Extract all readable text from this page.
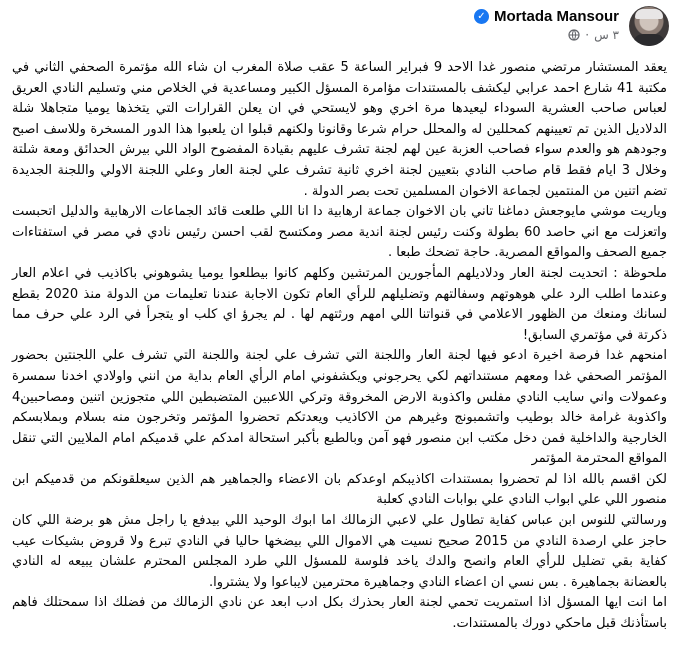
Mortada Mansour
✓
٣ س
·

يعقد المستشار مرتضي منصور غدا الاحد 9 فبراير الساعة 5 عقب صلاة المغرب ان شاء الله مؤتمرة الصحفي الثاني في مكتبة 41 شارع احمد عرابي ليكشف بالمستندات مؤامرة المسؤل الكبير ومساعدية في الخلاص مني وتسليم النادي العريق لعباس صاحب العشرية السوداء ليعيدها مرة اخري وهو لايستحي في ان يعلن القرارات التي يتخذها يوميا متجاهلا شلة الدلاديل الذين تم تعيينهم كمحللين له والمحلل حرام شرعا وقانونا ولكنهم قبلوا ان يلعبوا هذا الدور المسخرة وللاسف اصبح وجودهم هو والعدم سواء فصاحب العزبة عين لهم لجنة تشرف عليهم بقيادة المفضوح الواد اللي بيرش الحدائق ومعة شلتة وخلال 3 ايام فقط قام صاحب النادي بتعيين لجنة اخري ثانية تشرف علي لجنة العار وعلي اللجنة الاولي واللجنة الجديدة تضم اتنين من المنتمين لجماعة الاخوان المسلمين تحت بصر الدولة .

وياريت موشي مايوجعش دماغنا تاني بان الاخوان جماعة ارهابية دا انا اللي طلعت قائد الجماعات الارهابية والدليل اتحبست واتعزلت مع اني حاصد 60 بطولة وكنت رئيس لجنة اندية مصر ومكتسح لقب احسن رئيس نادي في مصر في استفتاءات جميع الصحف والمواقع المصرية. حاجة تضحك طبعا .

ملحوظة : اتحديت لجنة العار ودلاديلهم المأجورين المرتشين وكلهم كانوا بيطلعوا يوميا يشوهوني باكاذيب في اعلام العار وعندما اطلب الرد علي هوهوتهم وسفالتهم وتضليلهم للرأي العام تكون الاجابة عندنا تعليمات من الدولة منذ 2020 بقطع لسانك ومنعك من الظهور الاعلامي في قنواتنا اللي امهم ورثتهم لها . لم يجرؤ اي كلب او يتجرأ في الرد علي حرف مما ذكرتة في مؤتمري السابق!

امنحهم غدا فرصة اخيرة ادعو فيها لجنة العار واللجنة التي تشرف علي لجنة واللجنة التي تشرف علي اللجنتين بحضور المؤتمر الصحفي غدا ومعهم مستنداتهم لكي يحرجوني ويكشفوني امام الرأي العام بداية من انني واولادي اخدنا سمسرة وعمولات واني سايب النادي مفلس واكذوبة الارض المخروقة وتركي اللاعبين المتضبطين اللي متجوزين اتنين ومصاحبين4 واكذوبة غرامة خالد بوطيب واتشمبونج وغيرهم من الاكاذيب ويعدتكم تحضروا المؤتمر وتخرجون منه بسلام وبملابسكم الخارجية والداخلية فمن دخل مكتب ابن منصور فهو آمن وبالطبع بأكبر استحالة امدكم علي قدميكم امام الملايين التي تنقل المواقع المحترمة المؤتمر

لكن اقسم بالله اذا لم تحضروا بمستندات اكاذيبكم اوعدكم بان الاعضاء والجماهير هم الذين سيعلقونكم من قدميكم ابن منصور اللي علي ابواب النادي علي بوابات النادي كعلبة

ورسالتي للنوس ابن عباس كفاية تطاول علي لاعبي الزمالك اما ابوك الوحيد اللي بيدفع يا راجل مش هو برضة اللي كان حاجز علي ارصدة النادي من 2015 صحيح نسيت هي الاموال اللي بيضخها حاليا في النادي تبرع ولا قروض بشيكات عيب كفاية بقي تضليل للرأي العام وانصح والدك ياخد فلوسة للمسؤل اللي طرد المجلس المحترم علشان يبيعه له النادي بالعضانة بجماهيرة . بس نسي ان اعضاء النادي وجماهيرة محترمين لايباعوا ولا يشتروا.

اما انت ايها المسؤل اذا استمريت تحمي لجنة العار بحذرك بكل ادب ابعد عن نادي الزمالك من فضلك اذا سمحتلك فاهم باستأذنك قبل ماحكي دورك بالمستندات.
